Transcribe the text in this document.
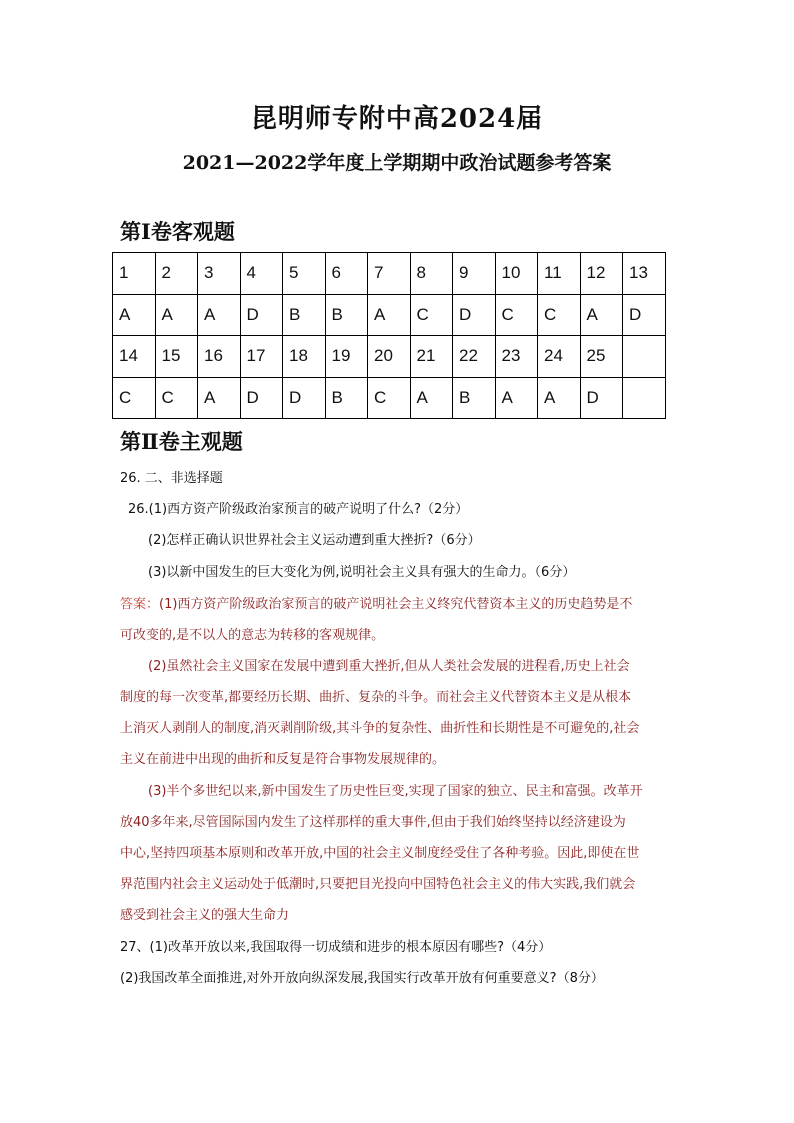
昆明师专附中高2024届
2021—2022学年度上学期期中政治试题参考答案
第Ⅰ卷客观题
1	2	3	4	5	6	7	8	9	10	11	12	13
A	A	A	D	B	B	A	C	D	C	C	A	D
14	15	16	17	18	19	20	21	22	23	24	25	
C	C	A	D	D	B	C	A	B	A	A	D	
第Ⅱ卷主观题
26. 二、非选择题
26.(1)西方资产阶级政治家预言的破产说明了什么?（2分）
(2)怎样正确认识世界社会主义运动遭到重大挫折?（6分）
(3)以新中国发生的巨大变化为例,说明社会主义具有强大的生命力。（6分）
答案：(1)西方资产阶级政治家预言的破产说明社会主义终究代替资本主义的历史趋势是不
可改变的,是不以人的意志为转移的客观规律。
(2)虽然社会主义国家在发展中遭到重大挫折,但从人类社会发展的进程看,历史上社会
制度的每一次变革,都要经历长期、曲折、复杂的斗争。而社会主义代替资本主义是从根本
上消灭人剥削人的制度,消灭剥削阶级,其斗争的复杂性、曲折性和长期性是不可避免的,社会
主义在前进中出现的曲折和反复是符合事物发展规律的。
(3)半个多世纪以来,新中国发生了历史性巨变,实现了国家的独立、民主和富强。改革开
放40多年来,尽管国际国内发生了这样那样的重大事件,但由于我们始终坚持以经济建设为
中心,坚持四项基本原则和改革开放,中国的社会主义制度经受住了各种考验。因此,即使在世
界范围内社会主义运动处于低潮时,只要把目光投向中国特色社会主义的伟大实践,我们就会
感受到社会主义的强大生命力
27、(1)改革开放以来,我国取得一切成绩和进步的根本原因有哪些?（4分）
(2)我国改革全面推进,对外开放向纵深发展,我国实行改革开放有何重要意义?（8分）
